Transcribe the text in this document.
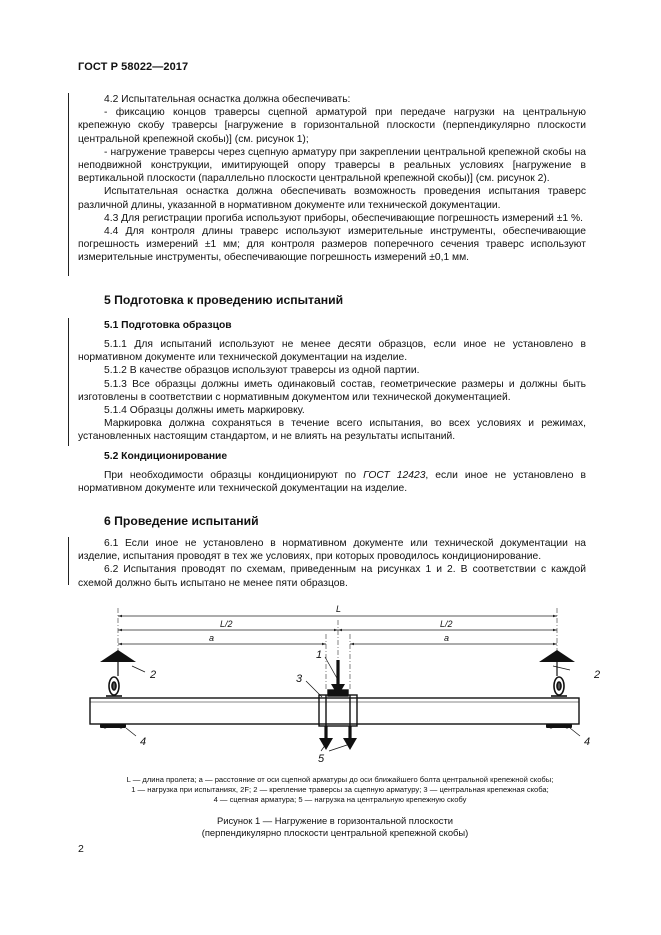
ГОСТ Р 58022—2017

4.2 Испытательная оснастка должна обеспечивать:

- фиксацию концов траверсы сцепной арматурой при передаче нагрузки на центральную крепежную скобу траверсы [нагружение в горизонтальной плоскости (перпендикулярно плоскости центральной крепежной скобы)] (см. рисунок 1);

- нагружение траверсы через сцепную арматуру при закреплении центральной крепежной скобы на неподвижной конструкции, имитирующей опору траверсы в реальных условиях [нагружение в вертикальной плоскости (параллельно плоскости центральной крепежной скобы)] (см. рисунок 2).

Испытательная оснастка должна обеспечивать возможность проведения испытания траверс различной длины, указанной в нормативном документе или технической документации.

4.3 Для регистрации прогиба используют приборы, обеспечивающие погрешность измерений ±1 %.

4.4 Для контроля длины траверс используют измерительные инструменты, обеспечивающие погрешность измерений ±1 мм; для контроля размеров поперечного сечения траверс используют измерительные инструменты, обеспечивающие погрешность измерений ±0,1 мм.

5 Подготовка к проведению испытаний
5.1 Подготовка образцов

5.1.1 Для испытаний используют не менее десяти образцов, если иное не установлено в нормативном документе или технической документации на изделие.

5.1.2 В качестве образцов используют траверсы из одной партии.

5.1.3 Все образцы должны иметь одинаковый состав, геометрические размеры и должны быть изготовлены в соответствии с нормативным документом или технической документацией.

5.1.4 Образцы должны иметь маркировку.

Маркировка должна сохраняться в течение всего испытания, во всех условиях и режимах, установленных настоящим стандартом, и не влиять на результаты испытаний.

5.2 Кондиционирование

При необходимости образцы кондиционируют по ГОСТ 12423, если иное не установлено в нормативном документе или технической документации на изделие.

6 Проведение испытаний

6.1 Если иное не установлено в нормативном документе или технической документации на изделие, испытания проводят в тех же условиях, при которых проводилось кондиционирование.

6.2 Испытания проводят по схемам, приведенным на рисунках 1 и 2. В соответствии с каждой схемой должно быть испытано не менее пяти образцов.

L
L/2	L/2
a	a
1
3
2	2
4	4
5

L — длина пролета; a — расстояние от оси сцепной арматуры до оси ближайшего болта центральной крепежной скобы;

1 — нагрузка при испытаниях, 2F; 2 — крепление траверсы за сцепную арматуру; 3 — центральная крепежная скоба;

4 — сцепная арматура; 5 — нагрузка на центральную крепежную скобу

Рисунок 1 — Нагружение в горизонтальной плоскости

(перпендикулярно плоскости центральной крепежной скобы)

2
